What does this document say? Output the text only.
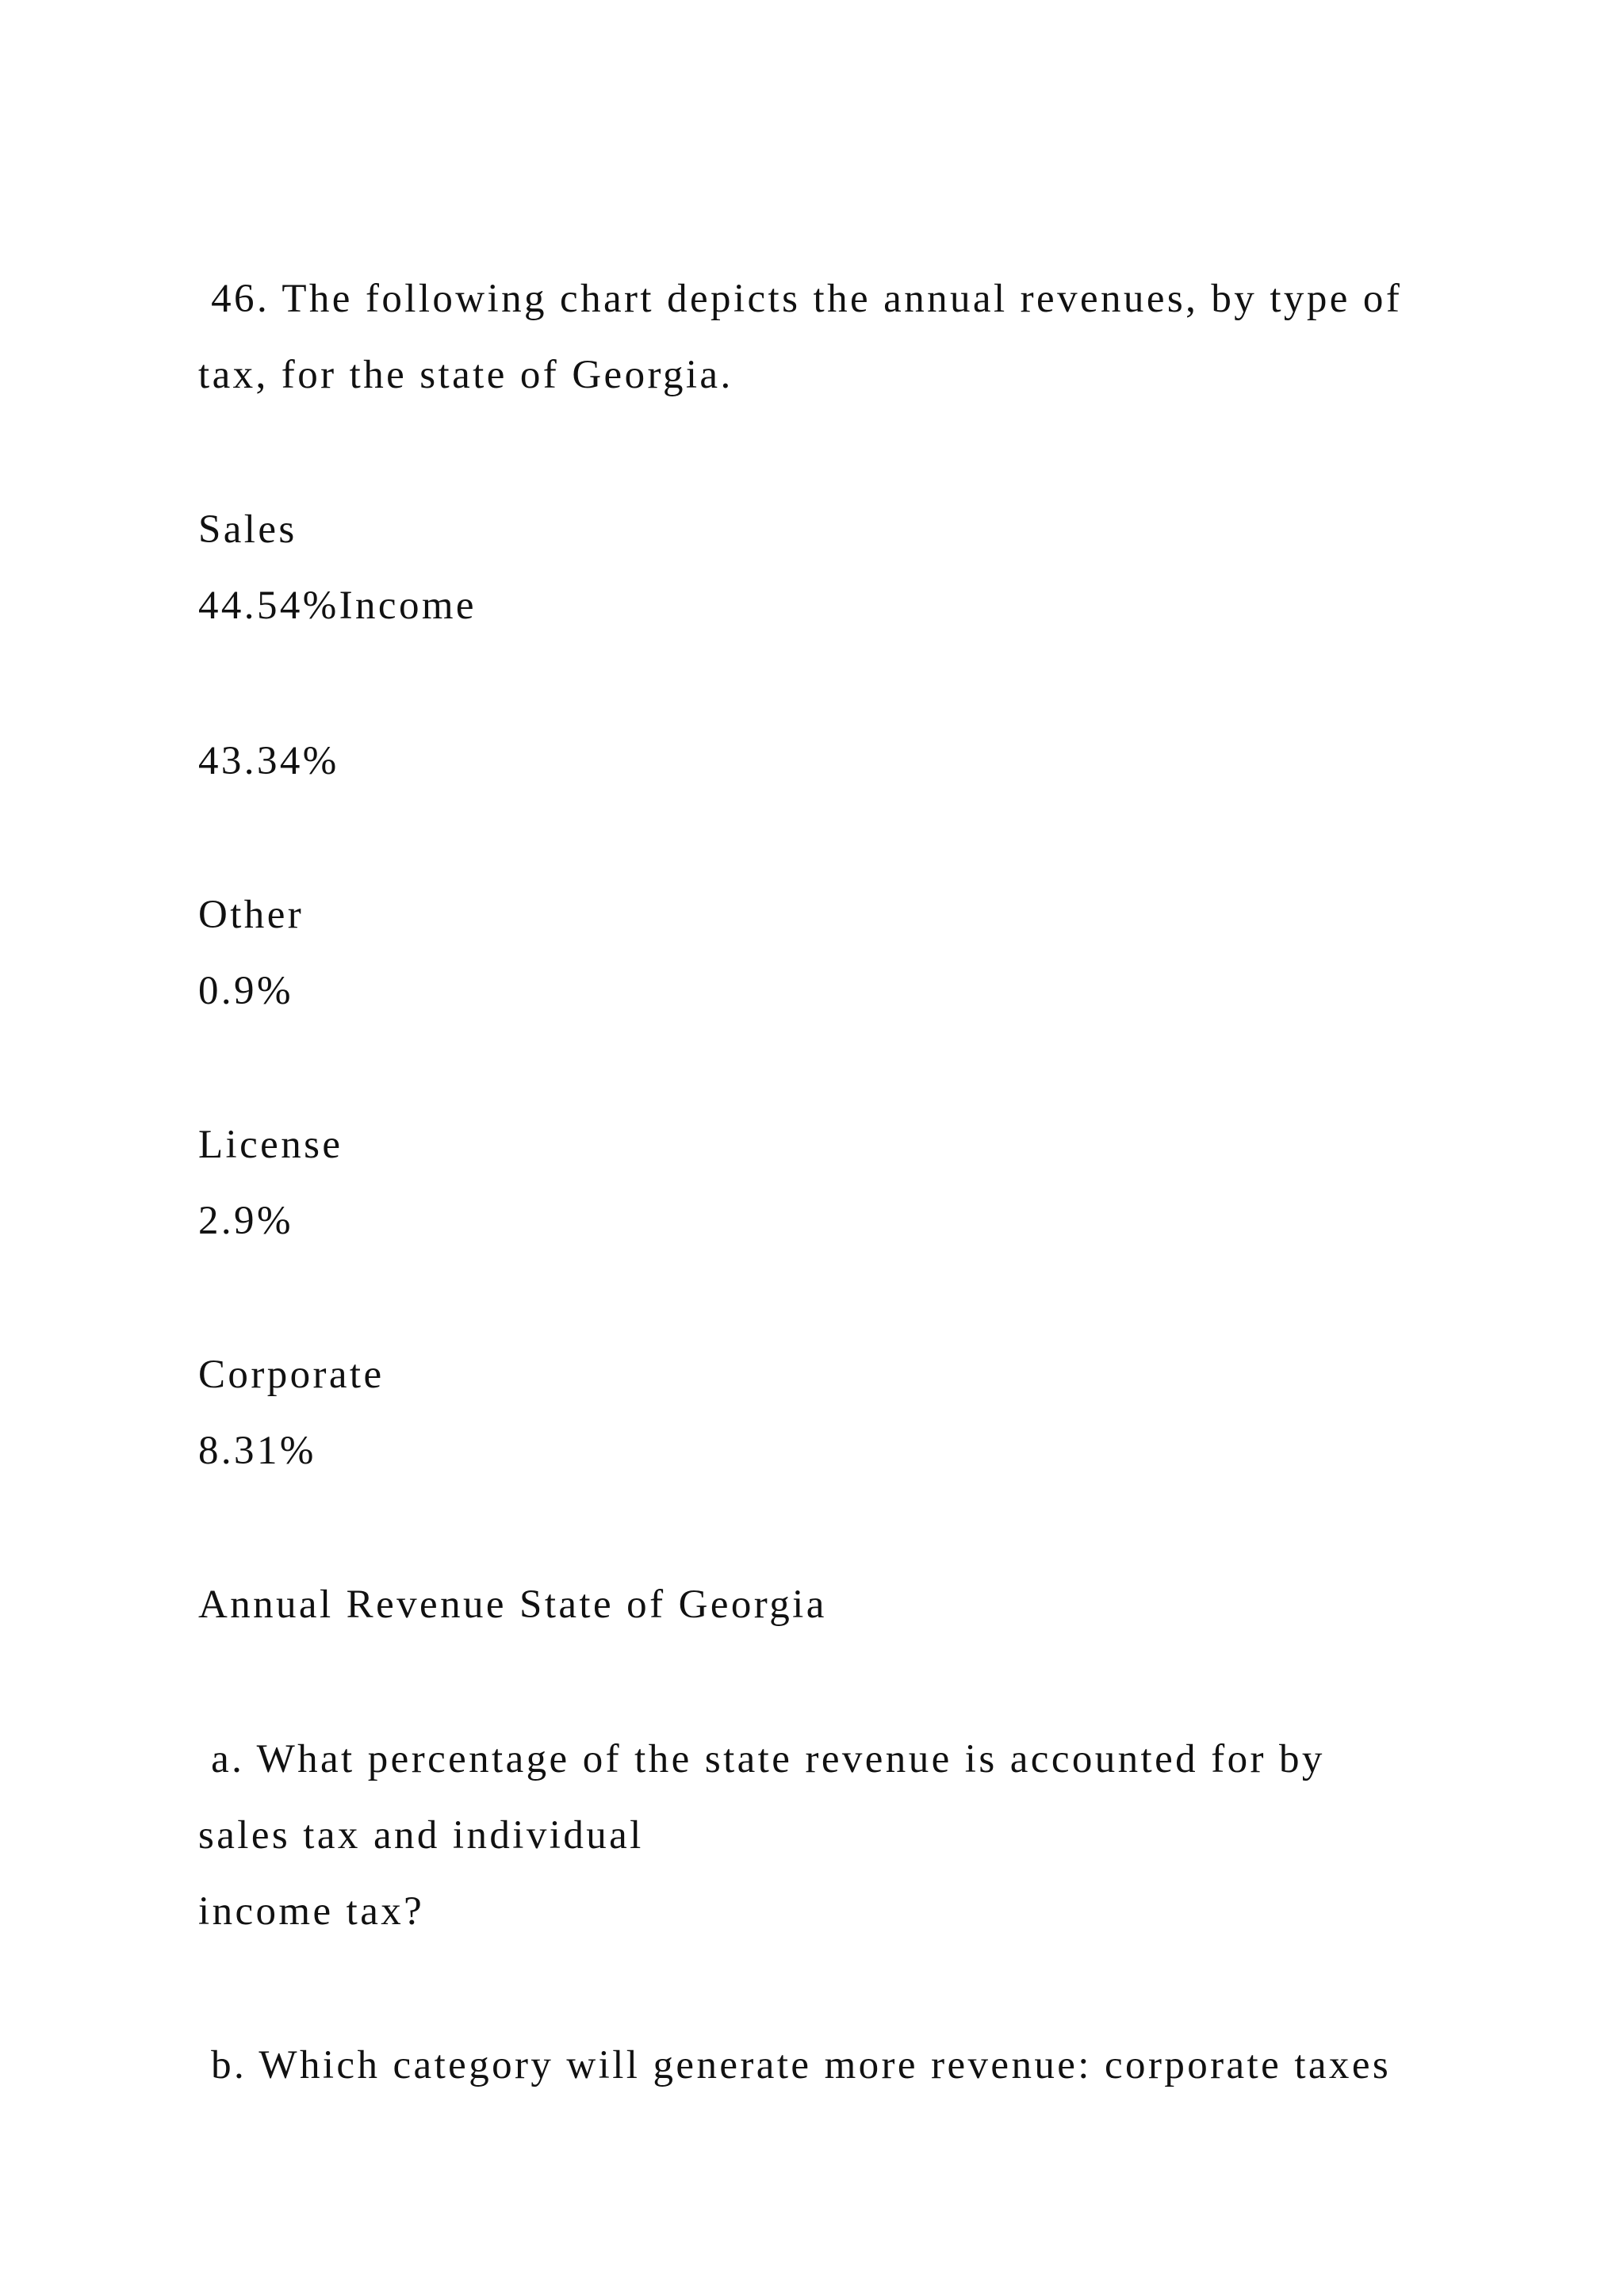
46. The following chart depicts the annual revenues, by type of

tax, for the state of Georgia.

Sales

44.54%Income

43.34%

Other

0.9%

License

2.9%

Corporate

8.31%

Annual Revenue State of Georgia

a. What percentage of the state revenue is accounted for by

sales tax and individual

income tax?

b. Which category will generate more revenue: corporate taxes
